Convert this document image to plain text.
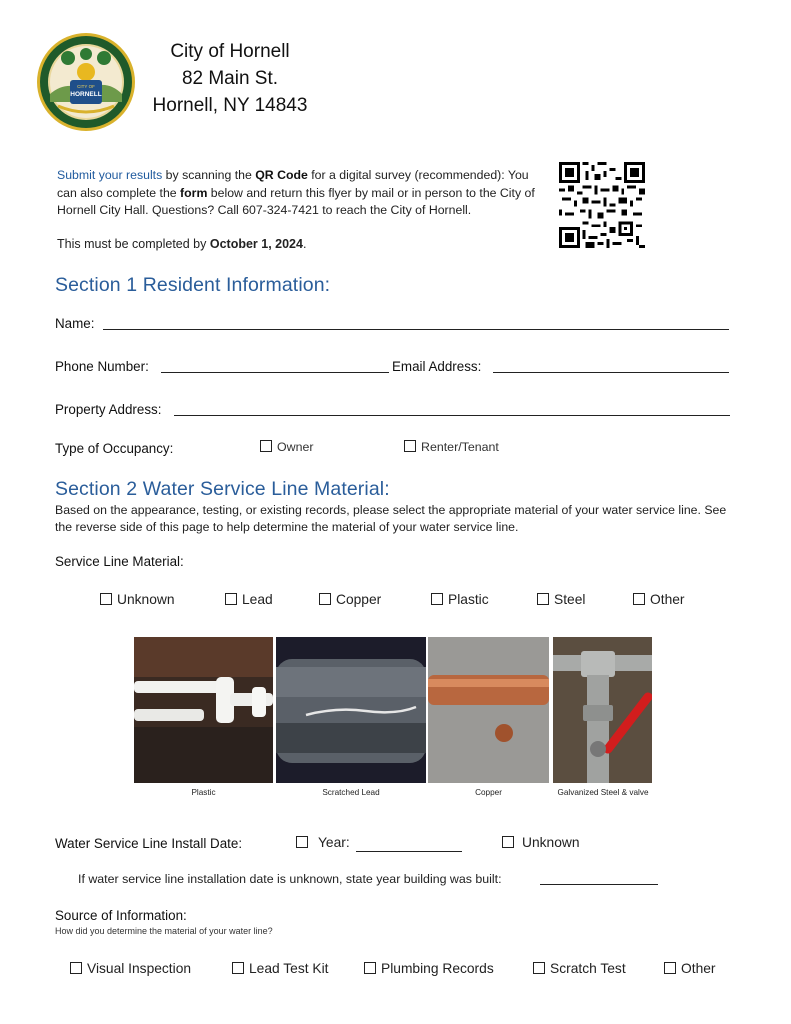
CITY OF
HORNELL
City of Hornell
82 Main St.
Hornell, NY 14843
Submit your results by scanning the QR Code for a digital survey (recommended): You can also complete the form below and return this flyer by mail or in person to the City of Hornell City Hall. Questions? Call 607-324-7421 to reach the City of Hornell.
This must be completed by October 1, 2024.
Section 1 Resident Information:
Name:
Phone Number:	Email Address:
Property Address:
Type of Occupancy:	Owner	Renter/Tenant
Section 2 Water Service Line Material:
Based on the appearance, testing, or existing records, please select the appropriate material of your water service line. See the reverse side of this page to help determine the material of your water service line.
Service Line Material:
Unknown	Lead	Copper	Plastic	Steel	Other
Plastic	Scratched Lead	Copper	Galvanized Steel & valve
Water Service Line Install Date:	Year:	Unknown
If water service line installation date is unknown, state year building was built:
Source of Information:
How did you determine the material of your water line?
Visual Inspection	Lead Test Kit	Plumbing Records	Scratch Test	Other
